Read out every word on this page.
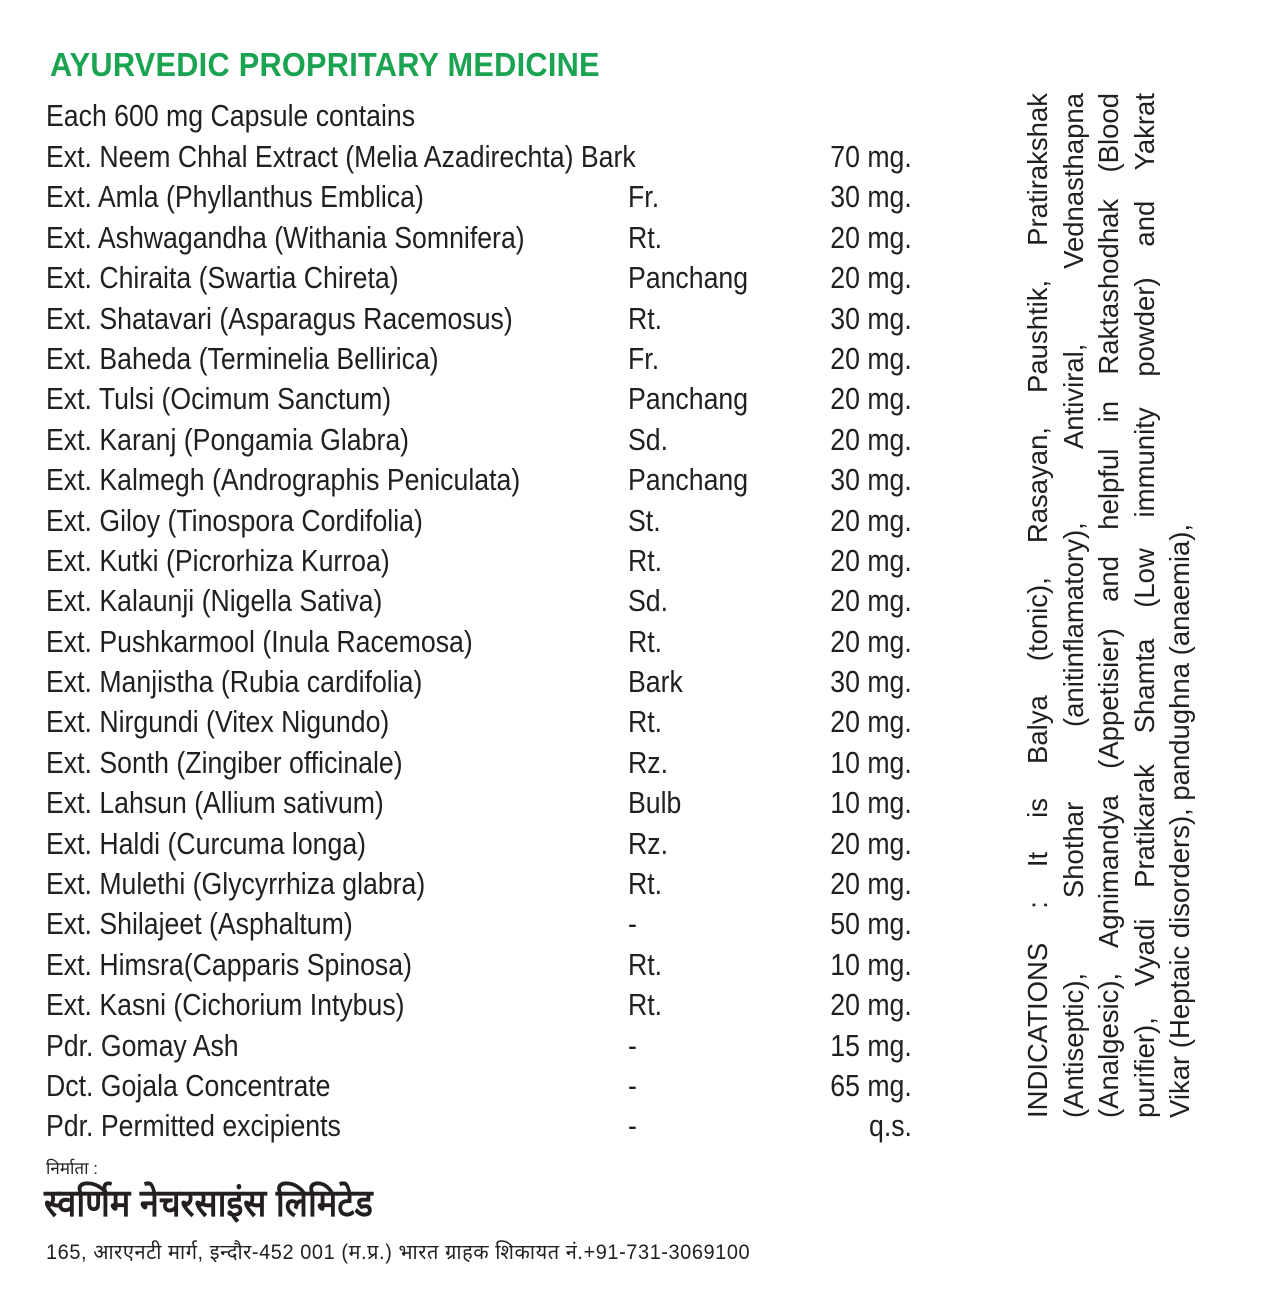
AYURVEDIC PROPRITARY MEDICINE
Each 600 mg Capsule contains
Ext. Neem Chhal Extract (Melia Azadirechta) Bark	70 mg.
Ext. Amla (Phyllanthus Emblica)	Fr.	30 mg.
Ext. Ashwagandha (Withania Somnifera)	Rt.	20 mg.
Ext. Chiraita (Swartia Chireta)	Panchang	20 mg.
Ext. Shatavari (Asparagus Racemosus)	Rt.	30 mg.
Ext. Baheda (Terminelia Bellirica)	Fr.	20 mg.
Ext. Tulsi (Ocimum Sanctum)	Panchang	20 mg.
Ext. Karanj (Pongamia Glabra)	Sd.	20 mg.
Ext. Kalmegh (Andrographis Peniculata)	Panchang	30 mg.
Ext. Giloy (Tinospora Cordifolia)	St.	20 mg.
Ext. Kutki (Picrorhiza Kurroa)	Rt.	20 mg.
Ext. Kalaunji (Nigella Sativa)	Sd.	20 mg.
Ext. Pushkarmool (Inula Racemosa)	Rt.	20 mg.
Ext. Manjistha (Rubia cardifolia)	Bark	30 mg.
Ext. Nirgundi (Vitex Nigundo)	Rt.	20 mg.
Ext. Sonth (Zingiber officinale)	Rz.	10 mg.
Ext. Lahsun (Allium sativum)	Bulb	10 mg.
Ext. Haldi (Curcuma longa)	Rz.	20 mg.
Ext. Mulethi (Glycyrrhiza glabra)	Rt.	20 mg.
Ext. Shilajeet (Asphaltum)	-	50 mg.
Ext. Himsra(Capparis Spinosa)	Rt.	10 mg.
Ext. Kasni (Cichorium Intybus)	Rt.	20 mg.
Pdr. Gomay Ash	-	15 mg.
Dct. Gojala Concentrate	-	65 mg.
Pdr. Permitted excipients	-	q.s.
निर्माता :
स्वर्णिम नेचरसाइंस लिमिटेड
165, आरएनटी मार्ग, इन्दौर-452 001 (म.प्र.) भारत ग्राहक शिकायत नं.+91-731-3069100
INDICATIONS : It is Balya (tonic), Rasayan, Paushtik, Pratirakshak (Antiseptic), Shothar (anitinflamatory), Antiviral, Vednasthapna (Analgesic), Agnimandya (Appetisier) and helpful in Raktashodhak (Blood purifier), Vyadi Pratikarak Shamta (Low immunity powder) and Yakrat Vikar (Heptaic disorders), pandughna (anaemia),
